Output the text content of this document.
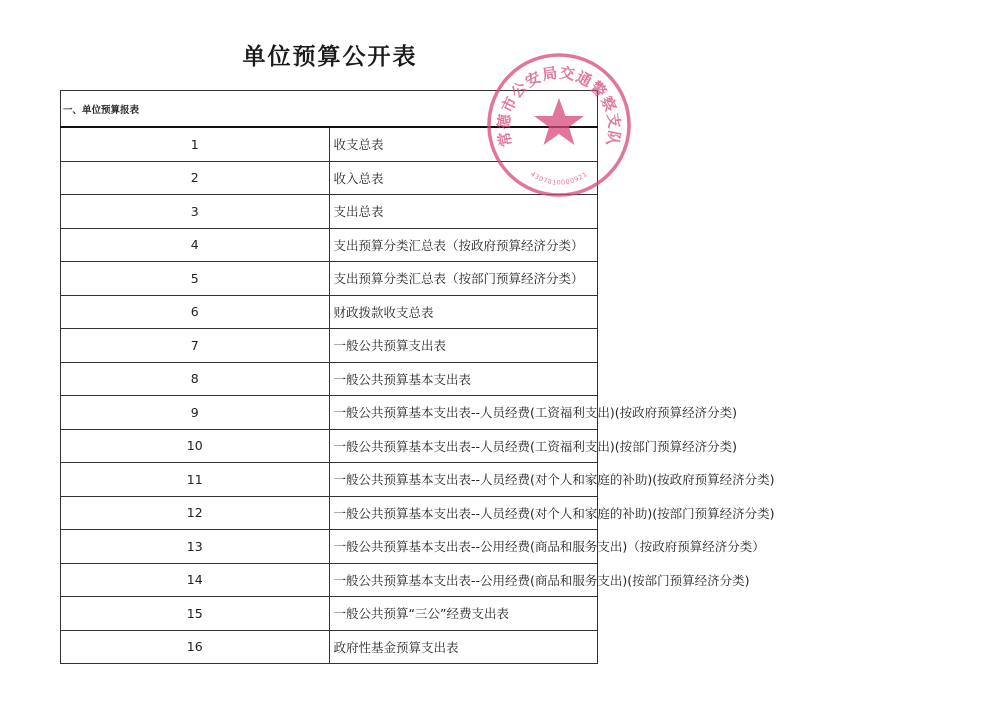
单位预算公开表
一、单位预算报表	
1	收支总表
2	收入总表
3	支出总表
4	支出预算分类汇总表（按政府预算经济分类）
5	支出预算分类汇总表（按部门预算经济分类）
6	财政拨款收支总表
7	一般公共预算支出表
8	一般公共预算基本支出表
9	一般公共预算基本支出表--人员经费(工资福利支出)(按政府预算经济分类)
10	一般公共预算基本支出表--人员经费(工资福利支出)(按部门预算经济分类)
11	一般公共预算基本支出表--人员经费(对个人和家庭的补助)(按政府预算经济分类)
12	一般公共预算基本支出表--人员经费(对个人和家庭的补助)(按部门预算经济分类)
13	一般公共预算基本支出表--公用经费(商品和服务支出)（按政府预算经济分类）
14	一般公共预算基本支出表--公用经费(商品和服务支出)(按部门预算经济分类)
15	一般公共预算“三公”经费支出表
16	政府性基金预算支出表
常德市公安局交通警察支队
4307810000921
